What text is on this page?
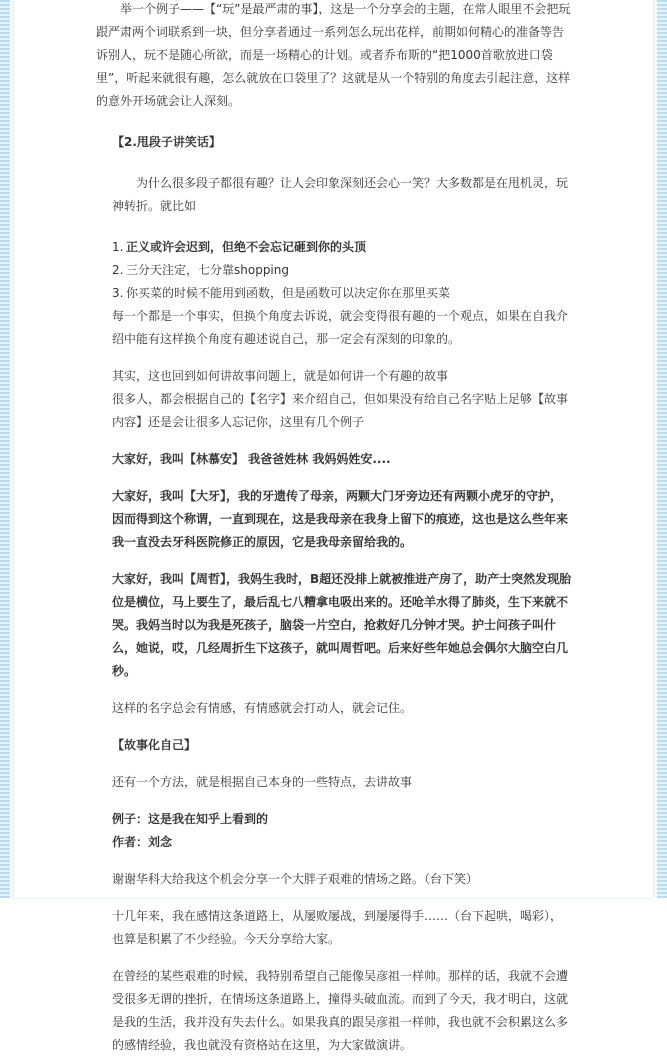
举一个例子——【“玩”是最严肃的事】，这是一个分享会的主题，在常人眼里不会把玩跟严肃两个词联系到一块，但分享者通过一系列怎么玩出花样，前期如何精心的准备等告诉别人，玩不是随心所欲，而是一场精心的计划。或者乔布斯的“把1000首歌放进口袋里”，听起来就很有趣，怎么就放在口袋里了？这就是从一个特别的角度去引起注意，这样的意外开场就会让人深刻。

【2.甩段子讲笑话】

为什么很多段子都很有趣？让人会印象深刻还会心一笑？大多数都是在甩机灵，玩神转折。就比如

1. 正义或许会迟到，但绝不会忘记砸到你的头顶

2. 三分天注定，七分靠shopping

3. 你买菜的时候不能用到函数，但是函数可以决定你在那里买菜

每一个都是一个事实，但换个角度去诉说，就会变得很有趣的一个观点，如果在自我介绍中能有这样换个角度有趣述说自己，那一定会有深刻的印象的。

其实，这也回到如何讲故事问题上，就是如何讲一个有趣的故事

很多人，都会根据自己的【名字】来介绍自己，但如果没有给自己名字贴上足够【故事内容】还是会让很多人忘记你，这里有几个例子

大家好，我叫【林慕安】 我爸爸姓林 我妈妈姓安....

大家好，我叫【大牙】，我的牙遗传了母亲，两颗大门牙旁边还有两颗小虎牙的守护，因而得到这个称谓，一直到现在，这是我母亲在我身上留下的痕迹，这也是这么些年来我一直没去牙科医院修正的原因，它是我母亲留给我的。

大家好，我叫【周哲】，我妈生我时，B超还没排上就被推进产房了，助产士突然发现胎位是横位，马上要生了，最后乱七八糟拿电吸出来的。还呛羊水得了肺炎，生下来就不哭。我妈当时以为我是死孩子，脑袋一片空白，抢救好几分钟才哭。护士问孩子叫什么，她说，哎，几经周折生下这孩子，就叫周哲吧。后来好些年她总会偶尔大脑空白几秒。

这样的名字总会有情感，有情感就会打动人，就会记住。

【故事化自己】

还有一个方法，就是根据自己本身的一些特点，去讲故事

例子：这是我在知乎上看到的

作者：刘念

谢谢华科大给我这个机会分享一个大胖子艰难的情场之路。（台下笑）

十几年来，我在感情这条道路上，从屡败屡战，到屡屡得手……（台下起哄，喝彩），也算是积累了不少经验。今天分享给大家。

在曾经的某些艰难的时候，我特别希望自己能像吴彦祖一样帅。那样的话，我就不会遭受很多无谓的挫折，在情场这条道路上，撞得头破血流。而到了今天，我才明白，这就是我的生活，我并没有失去什么。如果我真的跟吴彦祖一样帅，我也就不会积累这么多的感情经验，我也就没有资格站在这里，为大家做演讲。
